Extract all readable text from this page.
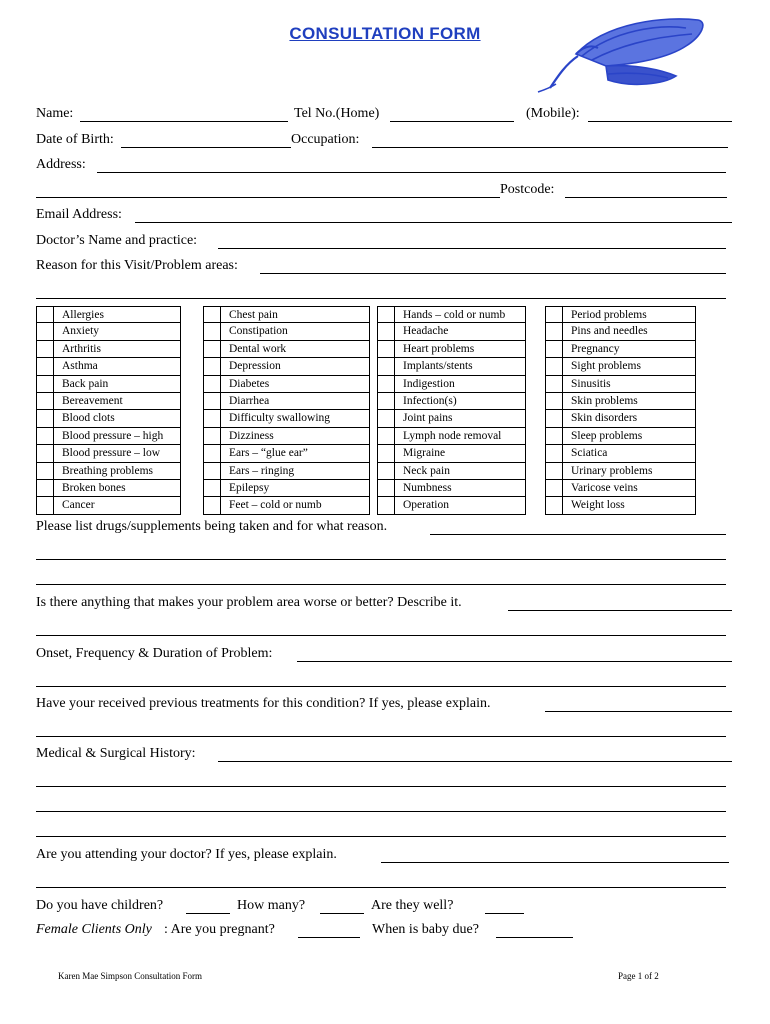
CONSULTATION FORM
Name:	Tel No.(Home)	(Mobile):
Date of Birth:	Occupation:
Address:
Postcode:
Email Address:
Doctor’s Name and practice:
Reason for this Visit/Problem areas:
Allergies
Anxiety
Arthritis
Asthma
Back pain
Bereavement
Blood clots
Blood pressure – high
Blood pressure – low
Breathing problems
Broken bones
Cancer
Chest pain
Constipation
Dental work
Depression
Diabetes
Diarrhea
Difficulty swallowing
Dizziness
Ears – “glue ear”
Ears – ringing
Epilepsy
Feet – cold or numb
Hands – cold or numb
Headache
Heart problems
Implants/stents
Indigestion
Infection(s)
Joint pains
Lymph node removal
Migraine
Neck pain
Numbness
Operation
Period problems
Pins and needles
Pregnancy
Sight problems
Sinusitis
Skin problems
Skin disorders
Sleep problems
Sciatica
Urinary problems
Varicose veins
Weight loss
Please list drugs/supplements being taken and for what reason.
Is there anything that makes your problem area worse or better? Describe it.
Onset, Frequency & Duration of Problem:
Have your received previous treatments for this condition? If yes, please explain.
Medical & Surgical History:
Are you attending your doctor? If yes, please explain.
Do you have children?	How many?	Are they well?
Female Clients Only : Are you pregnant?	When is baby due?
Karen Mae Simpson Consultation Form	Page 1 of 2
